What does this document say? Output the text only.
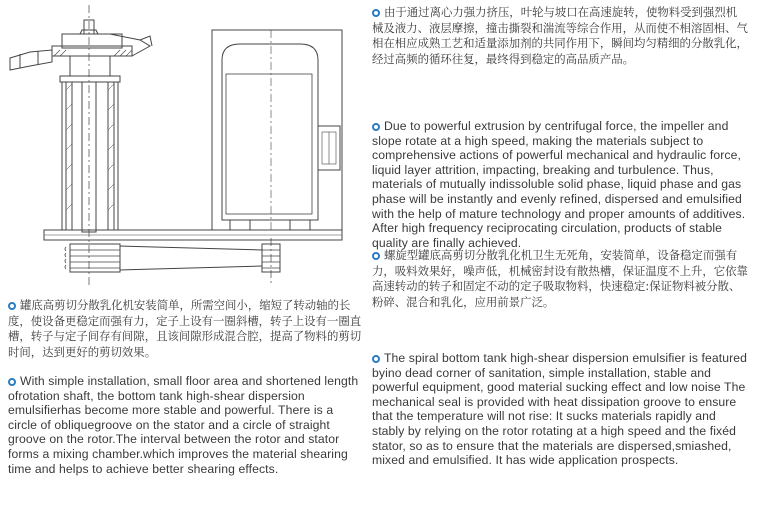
由于通过离心力强力挤压，叶轮与坡口在高速旋转，使物料受到强烈机械及液力、液层摩擦，撞击撕裂和湍流等综合作用，从而使不相溶固相、气相在相应成熟工艺和适量添加剂的共同作用下，瞬间均匀精细的分散乳化，经过高频的循环往复，最终得到稳定的高品质产品。

Due to powerful extrusion by centrifugal force, the impeller and slope rotate at a high speed, making the materials subject to comprehensive actions of powerful mechanical and hydraulic force, liquid layer attrition, impacting, breaking and turbulence. Thus, materials of mutually indissoluble solid phase, liquid phase and gas phase will be instantly and evenly refined, dispersed and emulsified with the help of mature technology and proper amounts of additives. After high frequency reciprocating circulation, products of stable quality are finally achieved.

螺旋型罐底高剪切分散乳化机卫生无死角，安装简单，设备稳定而强有力，吸料效果好，噪声低，机械密封设有散热槽，保证温度不上升，它依靠高速转动的转子和固定不动的定子吸取物料，快速稳定:保证物料被分散、粉碎、混合和乳化，应用前景广泛。

The spiral bottom tank high-shear dispersion emulsifier is featured byino dead corner of sanitation, simple installation, stable and powerful equipment, good material sucking effect and low noise The mechanical seal is provided with heat dissipation groove to ensure that the temperature will not rise: It sucks materials rapidly and stably by relying on the rotor rotating at a high speed and the fixéd stator, so as to ensure that the materials are dispersed,smiashed, mixed and emulsified. It has wide application prospects.

罐底高剪切分散乳化机安装简单，所需空间小，缩短了转动轴的长度，使设备更稳定而强有力，定子上设有一圈斜槽，转子上设有一圈直槽，转子与定子间存有间隙，且该间隙形成混合腔，提高了物料的剪切时间，达到更好的剪切效果。

With simple installation, small floor area and shortened length ofrotation shaft, the bottom tank high-shear dispersion emulsifierhas become more stable and powerful. There is a circle of obliquegroove on the stator and a circle of straight groove on the rotor.The interval between the rotor and stator forms a mixing chamber.which improves the material shearing time and helps to achieve better shearing effects.
